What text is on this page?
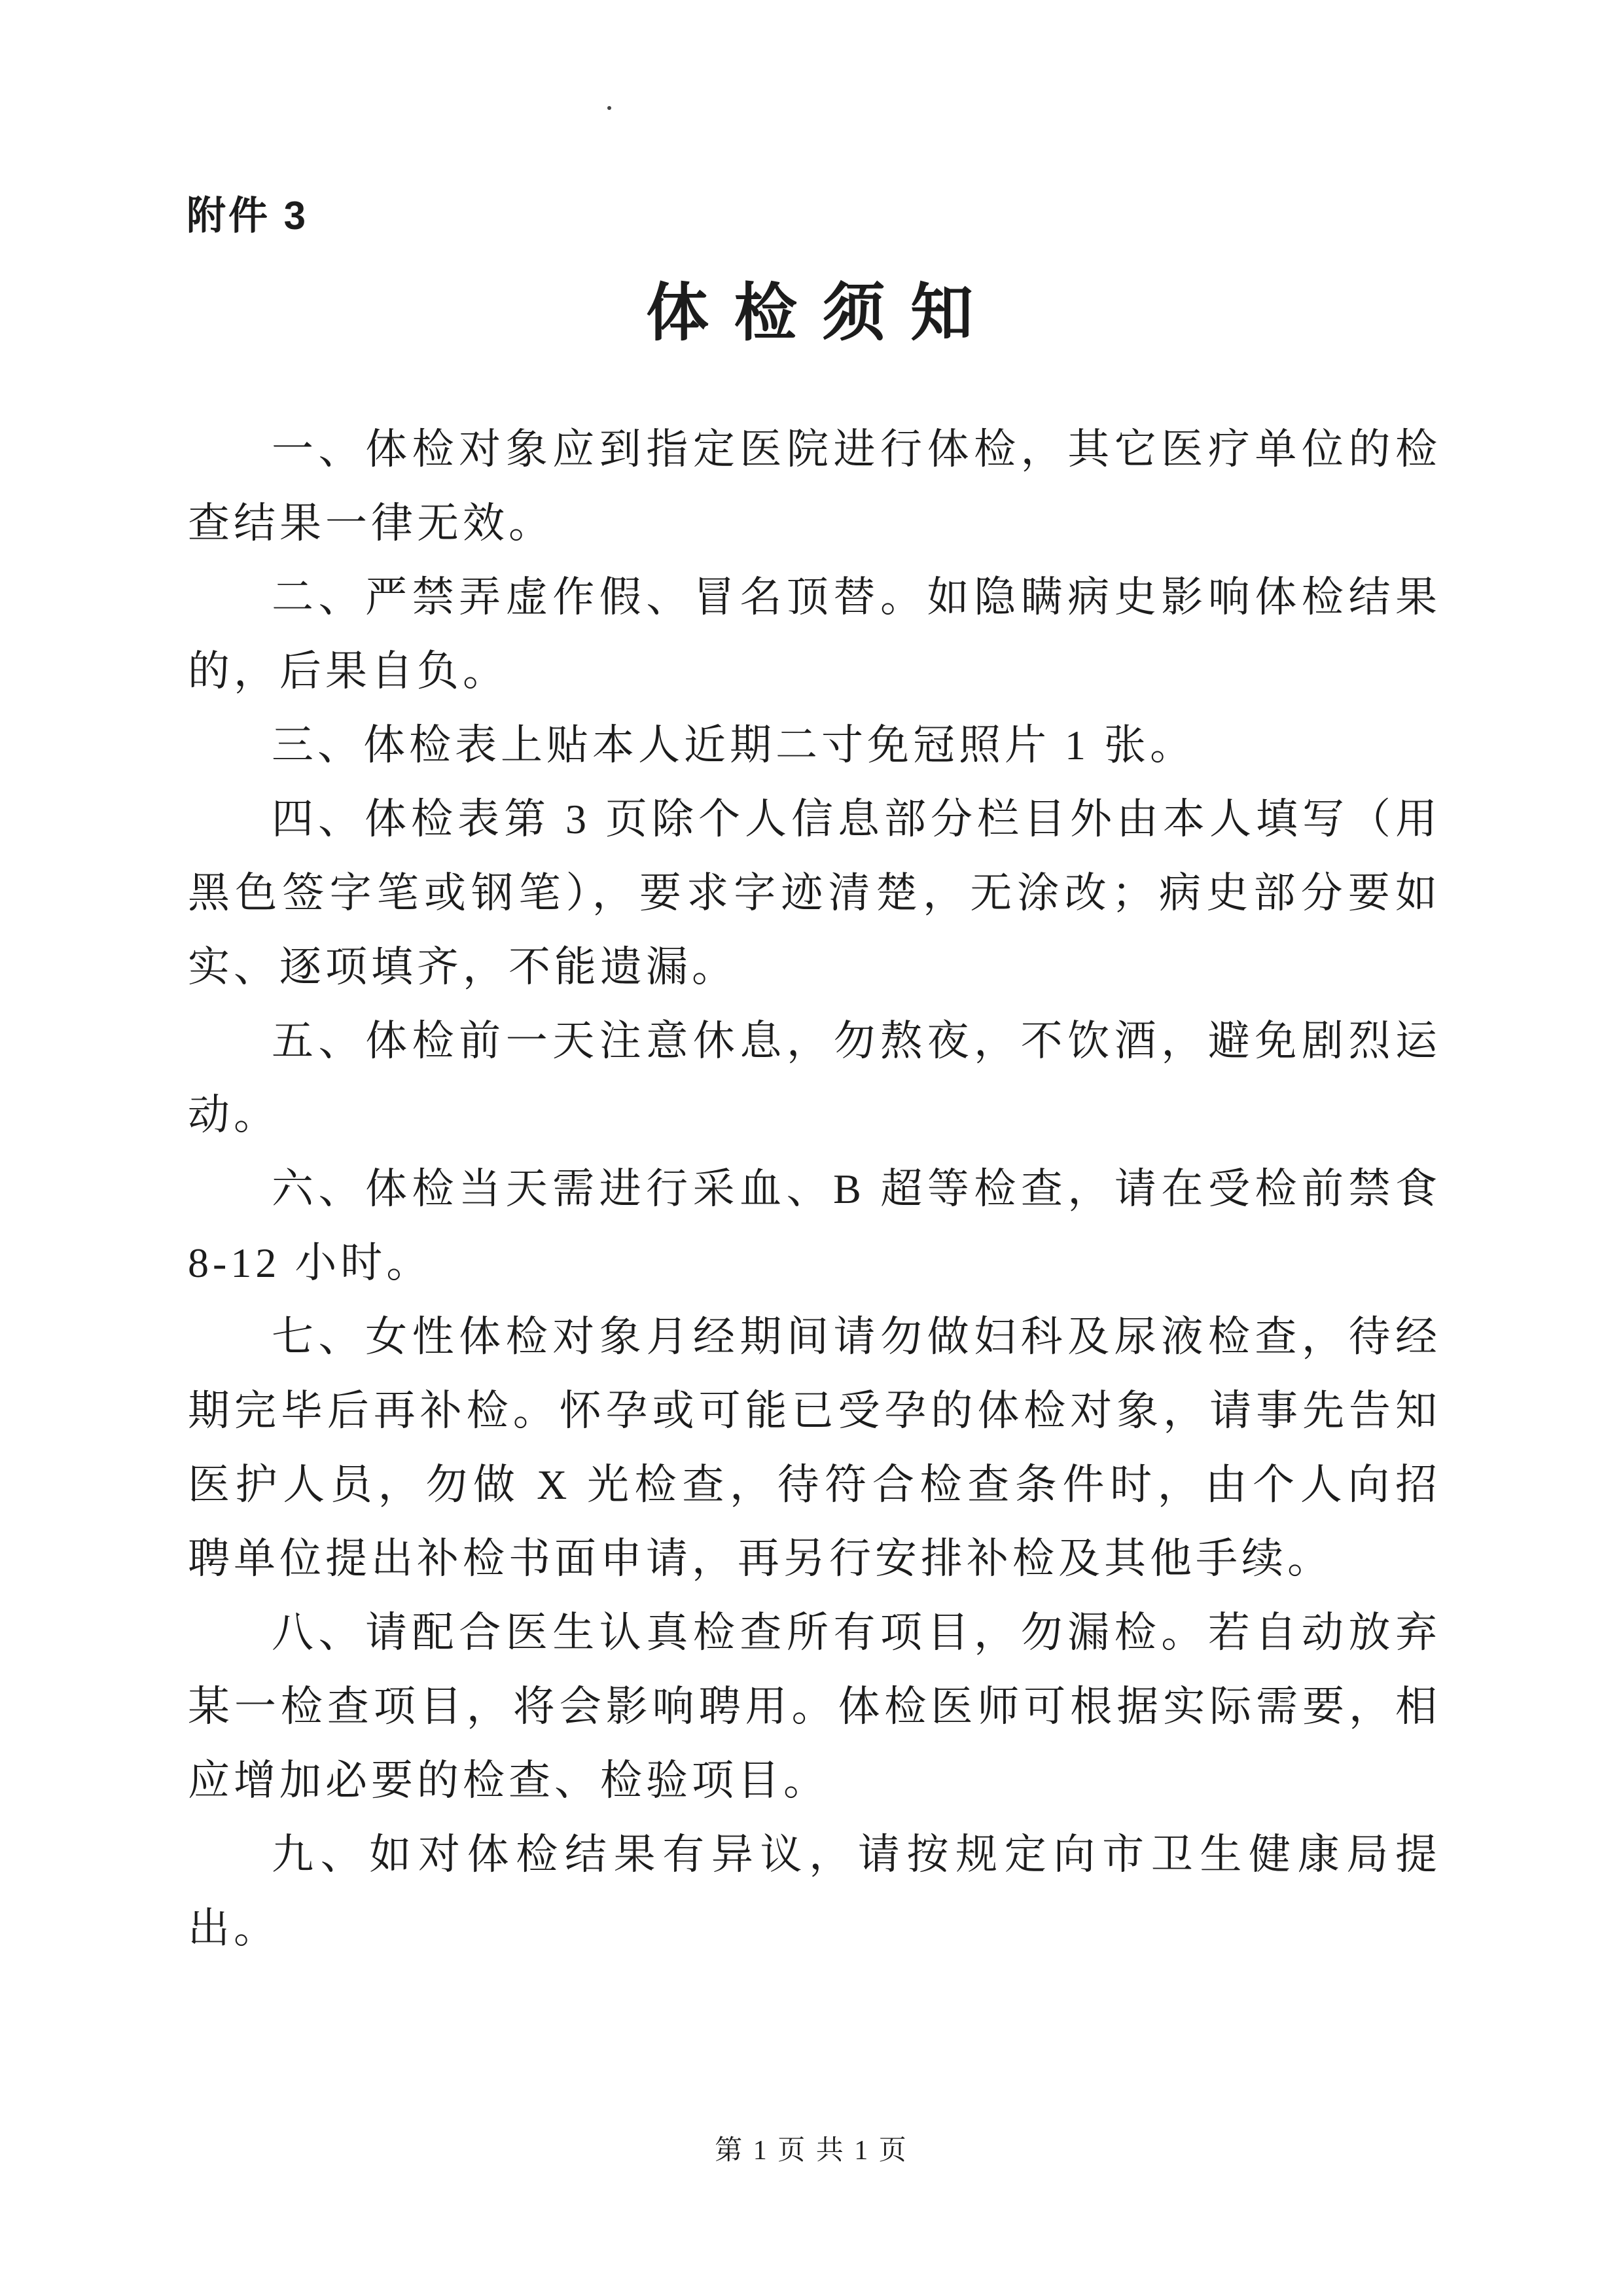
附件 3
体 检 须 知

一、体检对象应到指定医院进行体检，其它医疗单位的检查结果一律无效。

二、严禁弄虚作假、冒名顶替。如隐瞒病史影响体检结果的，后果自负。

三、体检表上贴本人近期二寸免冠照片 1 张。

四、体检表第 3 页除个人信息部分栏目外由本人填写（用黑色签字笔或钢笔），要求字迹清楚，无涂改；病史部分要如实、逐项填齐，不能遗漏。

五、体检前一天注意休息，勿熬夜，不饮酒，避免剧烈运动。

六、体检当天需进行采血、B 超等检查，请在受检前禁食 8-12 小时。

七、女性体检对象月经期间请勿做妇科及尿液检查，待经期完毕后再补检。怀孕或可能已受孕的体检对象，请事先告知医护人员，勿做 X 光检查，待符合检查条件时，由个人向招聘单位提出补检书面申请，再另行安排补检及其他手续。

八、请配合医生认真检查所有项目，勿漏检。若自动放弃某一检查项目，将会影响聘用。体检医师可根据实际需要，相应增加必要的检查、检验项目。

九、如对体检结果有异议，请按规定向市卫生健康局提出。

第 1 页 共 1 页
